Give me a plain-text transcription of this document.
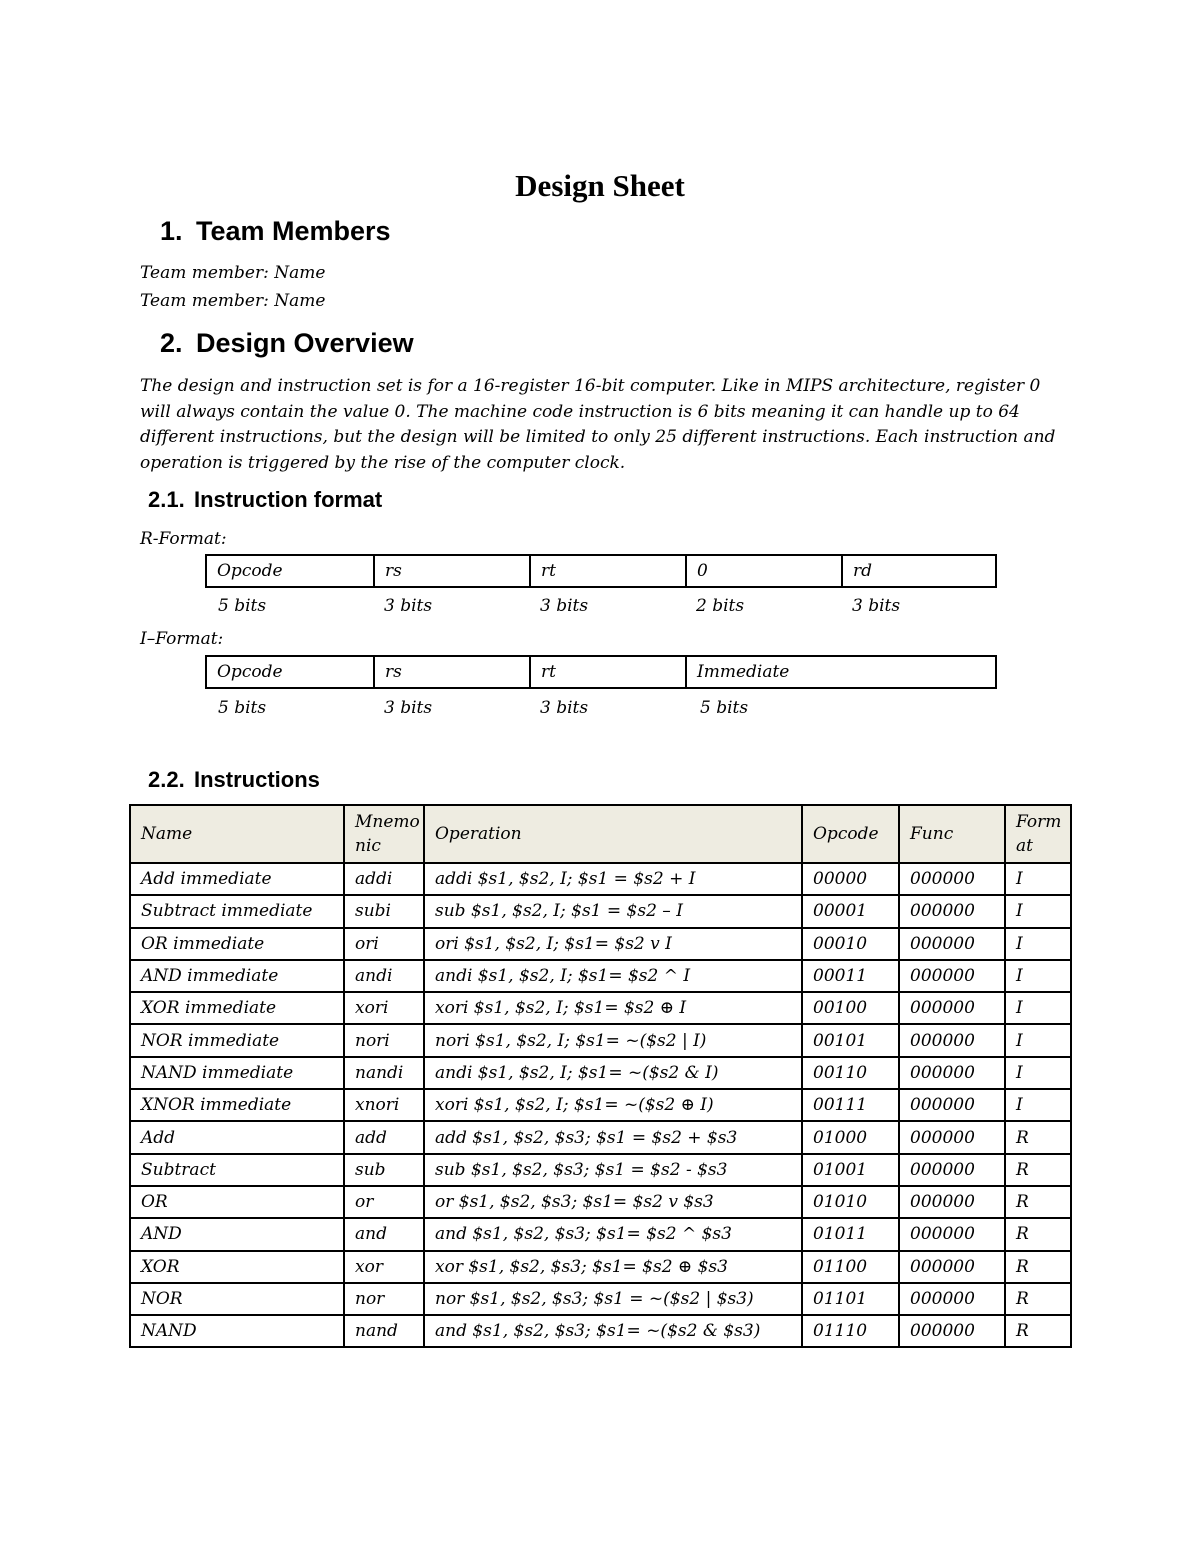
Design Sheet
1. Team Members
Team member: Name
Team member: Name
2. Design Overview
The design and instruction set is for a 16-register 16-bit computer. Like in MIPS architecture, register 0 will always contain the value 0. The machine code instruction is 6 bits meaning it can handle up to 64 different instructions, but the design will be limited to only 25 different instructions. Each instruction and operation is triggered by the rise of the computer clock.
2.1. Instruction format
R-Format:
Opcode	rs	rt	0	rd
5 bits	3 bits	3 bits	2 bits	3 bits
I–Format:
Opcode	rs	rt	Immediate
5 bits	3 bits	3 bits	5 bits
2.2. Instructions
Name	Mnemonic	Operation	Opcode	Func	Format
Add immediate	addi	addi $s1, $s2, I; $s1 = $s2 + I	00000	000000	I
Subtract immediate	subi	sub $s1, $s2, I; $s1 = $s2 – I	00001	000000	I
OR immediate	ori	ori $s1, $s2, I; $s1= $s2 v I	00010	000000	I
AND immediate	andi	andi $s1, $s2, I; $s1= $s2 ^ I	00011	000000	I
XOR immediate	xori	xori $s1, $s2, I; $s1= $s2 ⊕ I	00100	000000	I
NOR immediate	nori	nori $s1, $s2, I; $s1= ~($s2 | I)	00101	000000	I
NAND immediate	nandi	andi $s1, $s2, I; $s1= ~($s2 & I)	00110	000000	I
XNOR immediate	xnori	xori $s1, $s2, I; $s1= ~($s2 ⊕ I)	00111	000000	I
Add	add	add $s1, $s2, $s3; $s1 = $s2 + $s3	01000	000000	R
Subtract	sub	sub $s1, $s2, $s3; $s1 = $s2 - $s3	01001	000000	R
OR	or	or $s1, $s2, $s3; $s1= $s2 v $s3	01010	000000	R
AND	and	and $s1, $s2, $s3; $s1= $s2 ^ $s3	01011	000000	R
XOR	xor	xor $s1, $s2, $s3; $s1= $s2 ⊕ $s3	01100	000000	R
NOR	nor	nor $s1, $s2, $s3; $s1 = ~($s2 | $s3)	01101	000000	R
NAND	nand	and $s1, $s2, $s3; $s1= ~($s2 & $s3)	01110	000000	R
